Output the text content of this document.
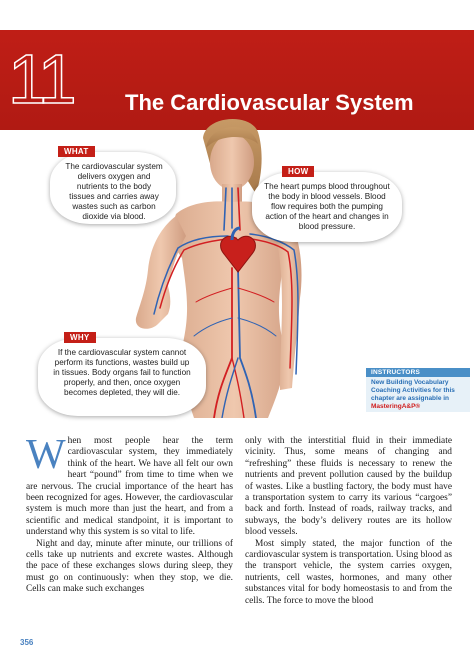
11	The Cardiovascular System
The cardiovascular system delivers oxygen and nutrients to the body tissues and carries away wastes such as carbon dioxide via blood.
WHAT
The heart pumps blood throughout the body in blood vessels. Blood flow requires both the pumping action of the heart and changes in blood pressure.
HOW
If the cardiovascular system cannot perform its functions, wastes build up in tissues. Body organs fail to function properly, and then, once oxygen becomes depleted, they will die.
WHY
INSTRUCTORS
New Building Vocabulary Coaching Activities for this chapter are assignable in MasteringA&P®

When most people hear the term cardiovascular system, they immediately think of the heart. We have all felt our own heart “pound” from time to time when we are nervous. The crucial importance of the heart has been recognized for ages. However, the cardiovascular system is much more than just the heart, and from a scientific and medical standpoint, it is important to understand why this system is so vital to life.

Night and day, minute after minute, our trillions of cells take up nutrients and excrete wastes. Although the pace of these exchanges slows during sleep, they must go on continuously: when they stop, we die. Cells can make such exchanges

only with the interstitial fluid in their immediate vicinity. Thus, some means of changing and “refreshing” these fluids is necessary to renew the nutrients and prevent pollution caused by the buildup of wastes. Like a bustling factory, the body must have a transportation system to carry its various “cargoes” back and forth. Instead of roads, railway tracks, and subways, the body’s delivery routes are its hollow blood vessels.

Most simply stated, the major function of the cardiovascular system is transportation. Using blood as the transport vehicle, the system carries oxygen, nutrients, cell wastes, hormones, and many other substances vital for body homeostasis to and from the cells. The force to move the blood

356
